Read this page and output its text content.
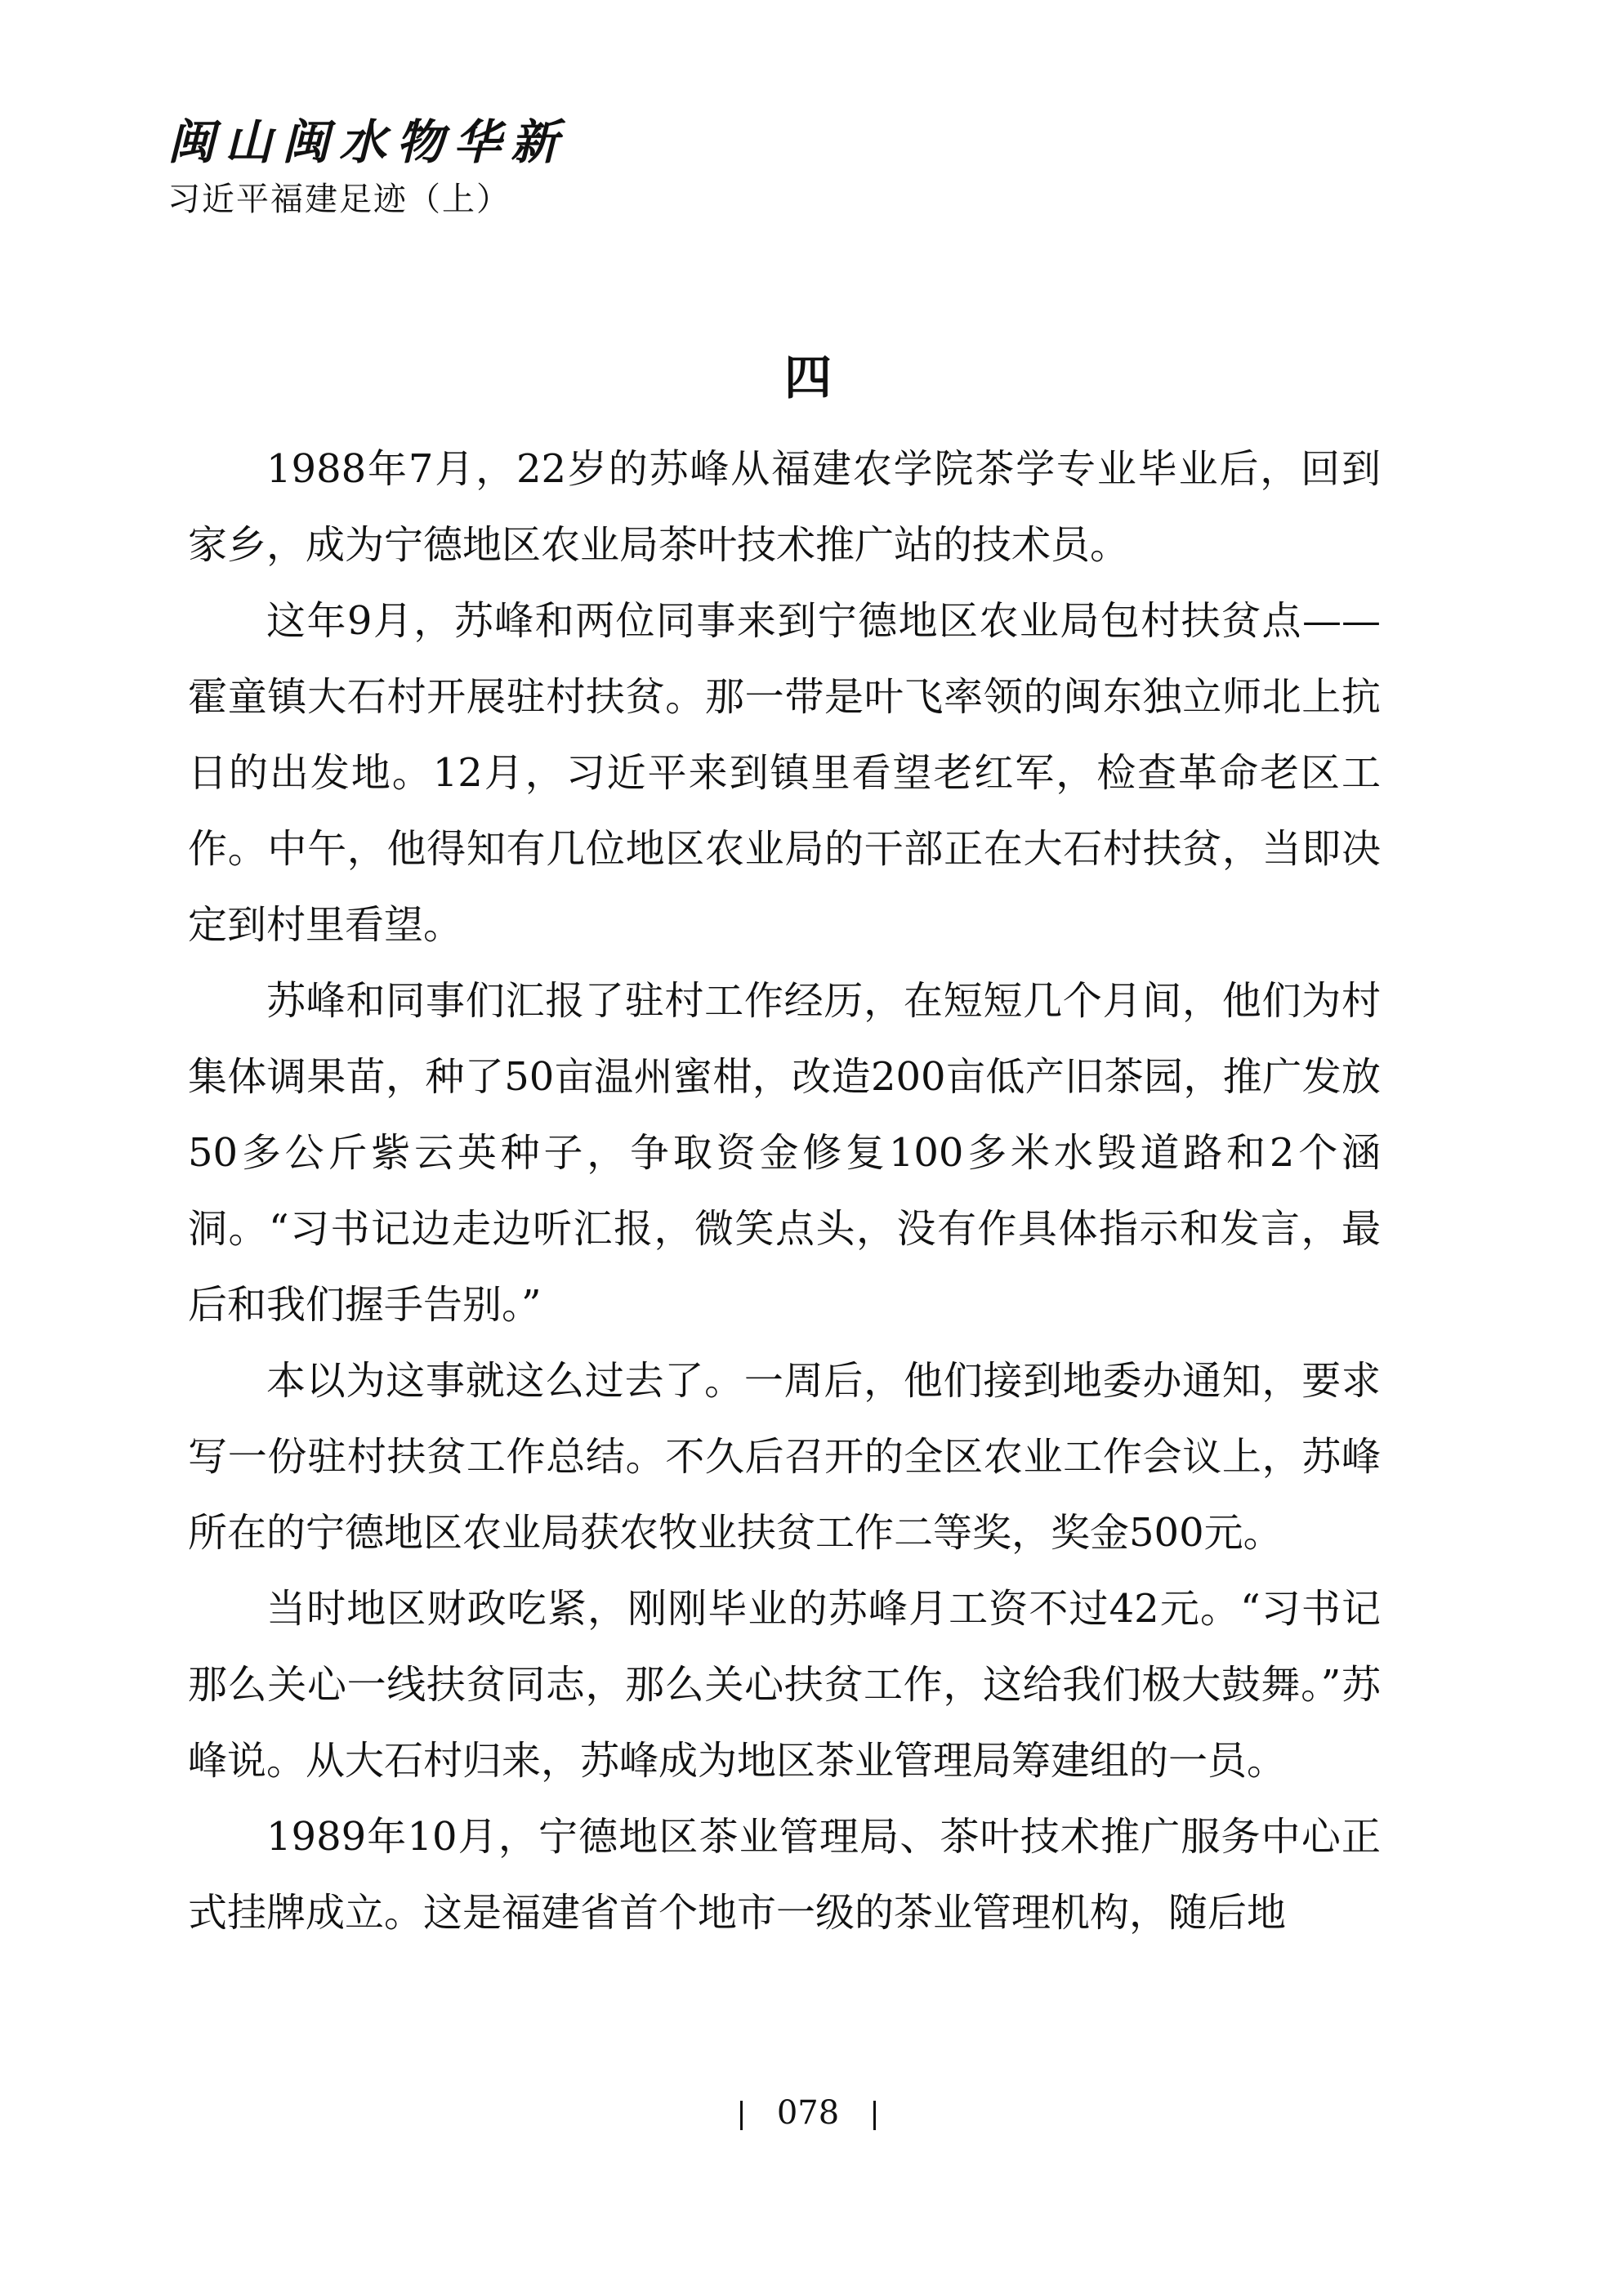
闽山闽水物华新
习近平福建足迹（上）
四

1988年7月，22岁的苏峰从福建农学院茶学专业毕业后，回到家乡，成为宁德地区农业局茶叶技术推广站的技术员。

这年9月，苏峰和两位同事来到宁德地区农业局包村扶贫点——霍童镇大石村开展驻村扶贫。那一带是叶飞率领的闽东独立师北上抗日的出发地。12月，习近平来到镇里看望老红军，检查革命老区工作。中午，他得知有几位地区农业局的干部正在大石村扶贫，当即决定到村里看望。

苏峰和同事们汇报了驻村工作经历，在短短几个月间，他们为村集体调果苗，种了50亩温州蜜柑，改造200亩低产旧茶园，推广发放50多公斤紫云英种子，争取资金修复100多米水毁道路和2个涵洞。“习书记边走边听汇报，微笑点头，没有作具体指示和发言，最后和我们握手告别。”

本以为这事就这么过去了。一周后，他们接到地委办通知，要求写一份驻村扶贫工作总结。不久后召开的全区农业工作会议上，苏峰所在的宁德地区农业局获农牧业扶贫工作二等奖，奖金500元。

当时地区财政吃紧，刚刚毕业的苏峰月工资不过42元。“习书记那么关心一线扶贫同志，那么关心扶贫工作，这给我们极大鼓舞。”苏峰说。从大石村归来，苏峰成为地区茶业管理局筹建组的一员。

1989年10月，宁德地区茶业管理局、茶叶技术推广服务中心正式挂牌成立。这是福建省首个地市一级的茶业管理机构，随后地

078
